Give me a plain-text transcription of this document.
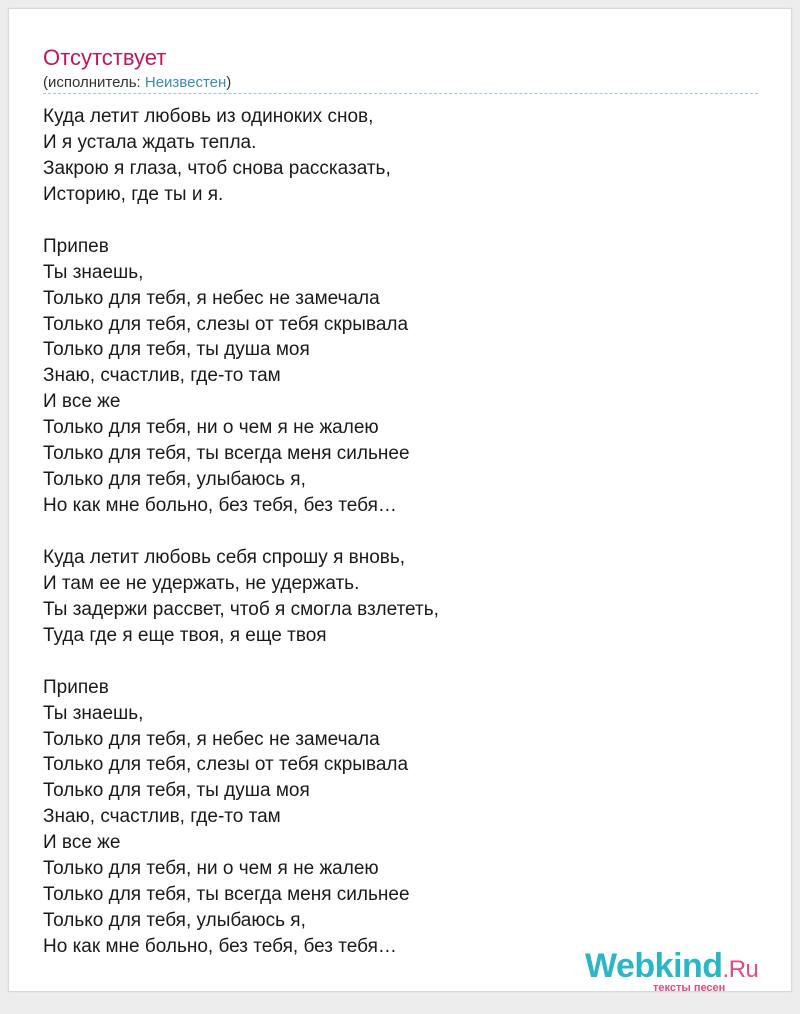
Отсутствует
(исполнитель: Неизвестен)
Куда летит любовь из одиноких снов,
И я устала ждать тепла.
Закрою я глаза, чтоб снова рассказать,
Историю, где ты и я.
Припев
Ты знаешь,
Только для тебя, я небес не замечала
Только для тебя, слезы от тебя скрывала
Только для тебя, ты душа моя
Знаю, счастлив, где-то там
И все же
Только для тебя, ни о чем я не жалею
Только для тебя, ты всегда меня сильнее
Только для тебя, улыбаюсь я,
Но как мне больно, без тебя, без тебя…
Куда летит любовь себя спрошу я вновь,
И там ее не удержать, не удержать.
Ты задержи рассвет, чтоб я смогла взлететь,
Туда где я еще твоя, я еще твоя
Припев
Ты знаешь,
Только для тебя, я небес не замечала
Только для тебя, слезы от тебя скрывала
Только для тебя, ты душа моя
Знаю, счастлив, где-то там
И все же
Только для тебя, ни о чем я не жалею
Только для тебя, ты всегда меня сильнее
Только для тебя, улыбаюсь я,
Но как мне больно, без тебя, без тебя…
Webkind.Ru
тексты песен
